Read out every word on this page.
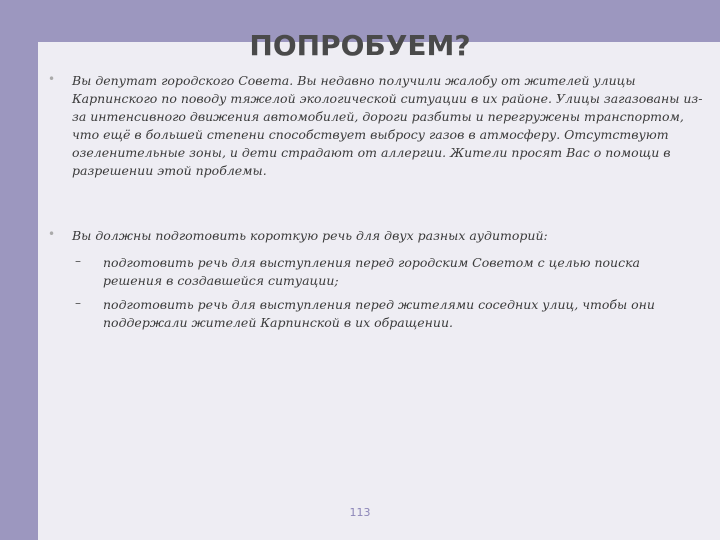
ПОПРОБУЕМ?
• Вы депутат городского Совета. Вы недавно получили жалобу от жителей улицы Карпинского по поводу тяжелой экологической ситуации в их районе. Улицы загазованы из-за интенсивного движения автомобилей, дороги разбиты и перегружены транспортом, что ещё в большей степени способствует выбросу газов в атмосферу. Отсутствуют озеленительные зоны, и дети страдают от аллергии. Жители просят Вас о помощи в разрешении этой проблемы.
• Вы должны подготовить короткую речь для двух разных аудиторий:
–	подготовить речь для выступления перед городским Советом с целью поиска решения в создавшейся ситуации;
–	подготовить речь для выступления перед жителями соседних улиц, чтобы они поддержали жителей Карпинской в их обращении.
113
